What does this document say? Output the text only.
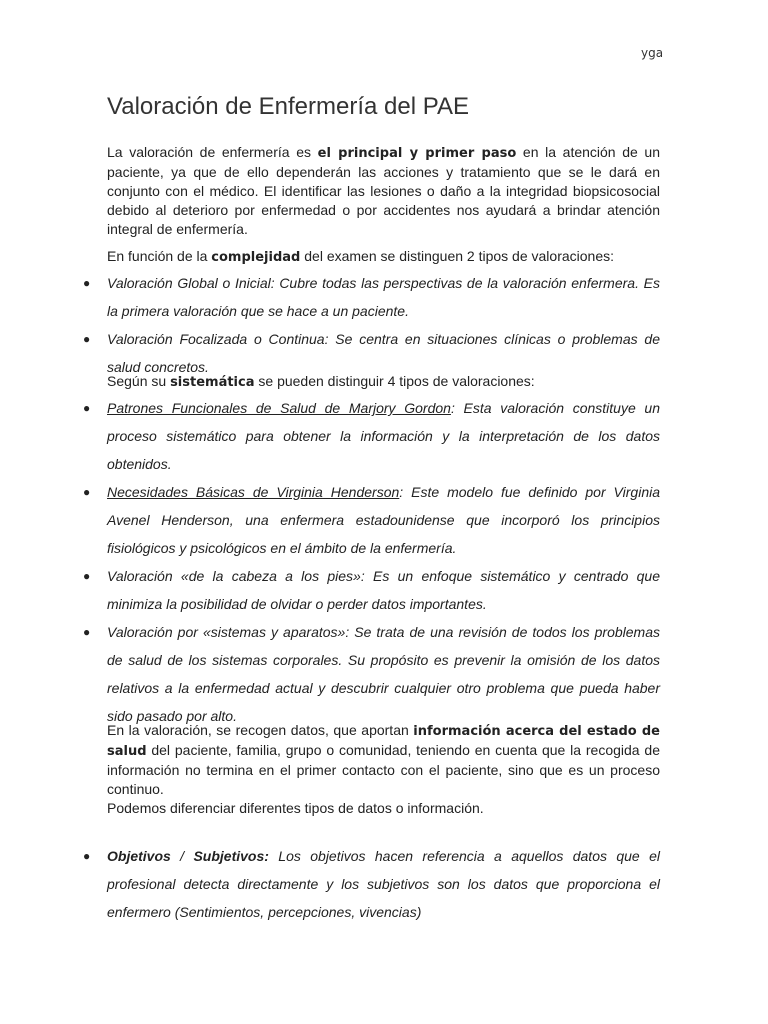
yga
Valoración de Enfermería del PAE

La valoración de enfermería es el principal y primer paso en la atención de un paciente, ya que de ello dependerán las acciones y tratamiento que se le dará en conjunto con el médico. El identificar las lesiones o daño a la integridad biopsicosocial debido al deterioro por enfermedad o por accidentes nos ayudará a brindar atención integral de enfermería.

En función de la complejidad del examen se distinguen 2 tipos de valoraciones:

● Valoración Global o Inicial: Cubre todas las perspectivas de la valoración enfermera. Es la primera valoración que se hace a un paciente.
● Valoración Focalizada o Continua: Se centra en situaciones clínicas o problemas de salud concretos.

Según su sistemática se pueden distinguir 4 tipos de valoraciones:

● Patrones Funcionales de Salud de Marjory Gordon: Esta valoración constituye un proceso sistemático para obtener la información y la interpretación de los datos obtenidos.
● Necesidades Básicas de Virginia Henderson: Este modelo fue definido por Virginia Avenel Henderson, una enfermera estadounidense que incorporó los principios fisiológicos y psicológicos en el ámbito de la enfermería.
● Valoración «de la cabeza a los pies»: Es un enfoque sistemático y centrado que minimiza la posibilidad de olvidar o perder datos importantes.
● Valoración por «sistemas y aparatos»: Se trata de una revisión de todos los problemas de salud de los sistemas corporales. Su propósito es prevenir la omisión de los datos relativos a la enfermedad actual y descubrir cualquier otro problema que pueda haber sido pasado por alto.

En la valoración, se recogen datos, que aportan información acerca del estado de salud del paciente, familia, grupo o comunidad, teniendo en cuenta que la recogida de información no termina en el primer contacto con el paciente, sino que es un proceso continuo.

Podemos diferenciar diferentes tipos de datos o información.

● Objetivos / Subjetivos: Los objetivos hacen referencia a aquellos datos que el profesional detecta directamente y los subjetivos son los datos que proporciona el enfermero (Sentimientos, percepciones, vivencias)
